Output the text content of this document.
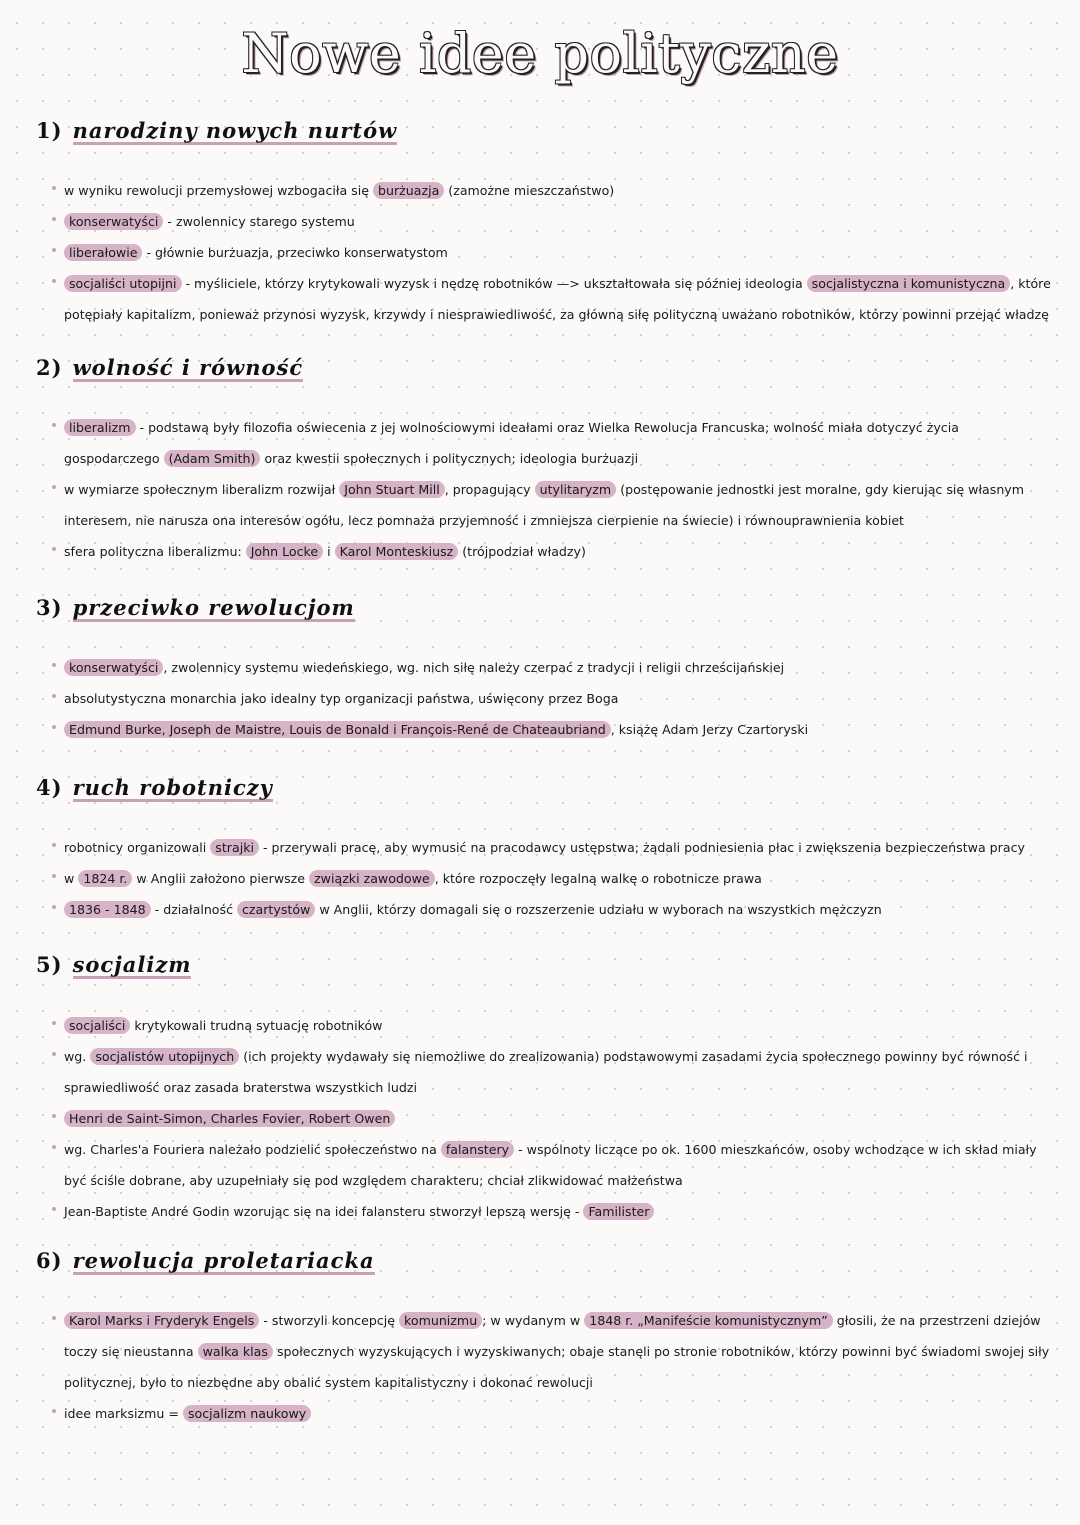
Nowe idee polityczne
1) narodziny nowych nurtów
w wyniku rewolucji przemysłowej wzbogaciła się burżuazja (zamożne mieszczaństwo)
konserwatyści - zwolennicy starego systemu
liberałowie - głównie burżuazja, przeciwko konserwatystom
socjaliści utopijni - myśliciele, którzy krytykowali wyzysk i nędzę robotników —> ukształtowała się później ideologia socjalistyczna i komunistyczna , które potępiały kapitalizm, ponieważ przynosi wyzysk, krzywdy i niesprawiedliwość, za główną siłę polityczną uważano robotników, którzy powinni przejąć władzę
2) wolność i równość
liberalizm - podstawą były filozofia oświecenia z jej wolnościowymi ideałami oraz Wielka Rewolucja Francuska; wolność miała dotyczyć życia gospodarczego (Adam Smith) oraz kwestii społecznych i politycznych; ideologia burżuazji
w wymiarze społecznym liberalizm rozwijał John Stuart Mill , propagujący utylitaryzm (postępowanie jednostki jest moralne, gdy kierując się własnym interesem, nie narusza ona interesów ogółu, lecz pomnaża przyjemność i zmniejsza cierpienie na świecie) i równouprawnienia kobiet
sfera polityczna liberalizmu: John Locke i Karol Monteskiusz (trójpodział władzy)
3) przeciwko rewolucjom
konserwatyści , zwolennicy systemu wiedeńskiego, wg. nich siłę należy czerpać z tradycji i religii chrześcijańskiej
absolutystyczna monarchia jako idealny typ organizacji państwa, uświęcony przez Boga
Edmund Burke, Joseph de Maistre, Louis de Bonald i François-René de Chateaubriand , książę Adam Jerzy Czartoryski
4) ruch robotniczy
robotnicy organizowali strajki - przerywali pracę, aby wymusić na pracodawcy ustępstwa; żądali podniesienia płac i zwiększenia bezpieczeństwa pracy
w 1824 r. w Anglii założono pierwsze związki zawodowe , które rozpoczęły legalną walkę o robotnicze prawa
1836 - 1848 - działalność czartystów w Anglii, którzy domagali się o rozszerzenie udziału w wyborach na wszystkich mężczyzn
5) socjalizm
socjaliści krytykowali trudną sytuację robotników
wg. socjalistów utopijnych (ich projekty wydawały się niemożliwe do zrealizowania) podstawowymi zasadami życia społecznego powinny być równość i sprawiedliwość oraz zasada braterstwa wszystkich ludzi
Henri de Saint-Simon, Charles Fovier, Robert Owen
wg. Charles'a Fouriera należało podzielić społeczeństwo na falanstery - wspólnoty liczące po ok. 1600 mieszkańców, osoby wchodzące w ich skład miały być ściśle dobrane, aby uzupełniały się pod względem charakteru; chciał zlikwidować małżeństwa
Jean-Baptiste André Godin wzorując się na idei falansteru stworzył lepszą wersję - Familister
6) rewolucja proletariacka
Karol Marks i Fryderyk Engels - stworzyli koncepcję komunizmu ; w wydanym w 1848 r. „Manifeście komunistycznym” głosili, że na przestrzeni dziejów toczy się nieustanna walka klas społecznych wyzyskujących i wyzyskiwanych; obaje stanęli po stronie robotników, którzy powinni być świadomi swojej siły politycznej, było to niezbędne aby obalić system kapitalistyczny i dokonać rewolucji
idee marksizmu = socjalizm naukowy
